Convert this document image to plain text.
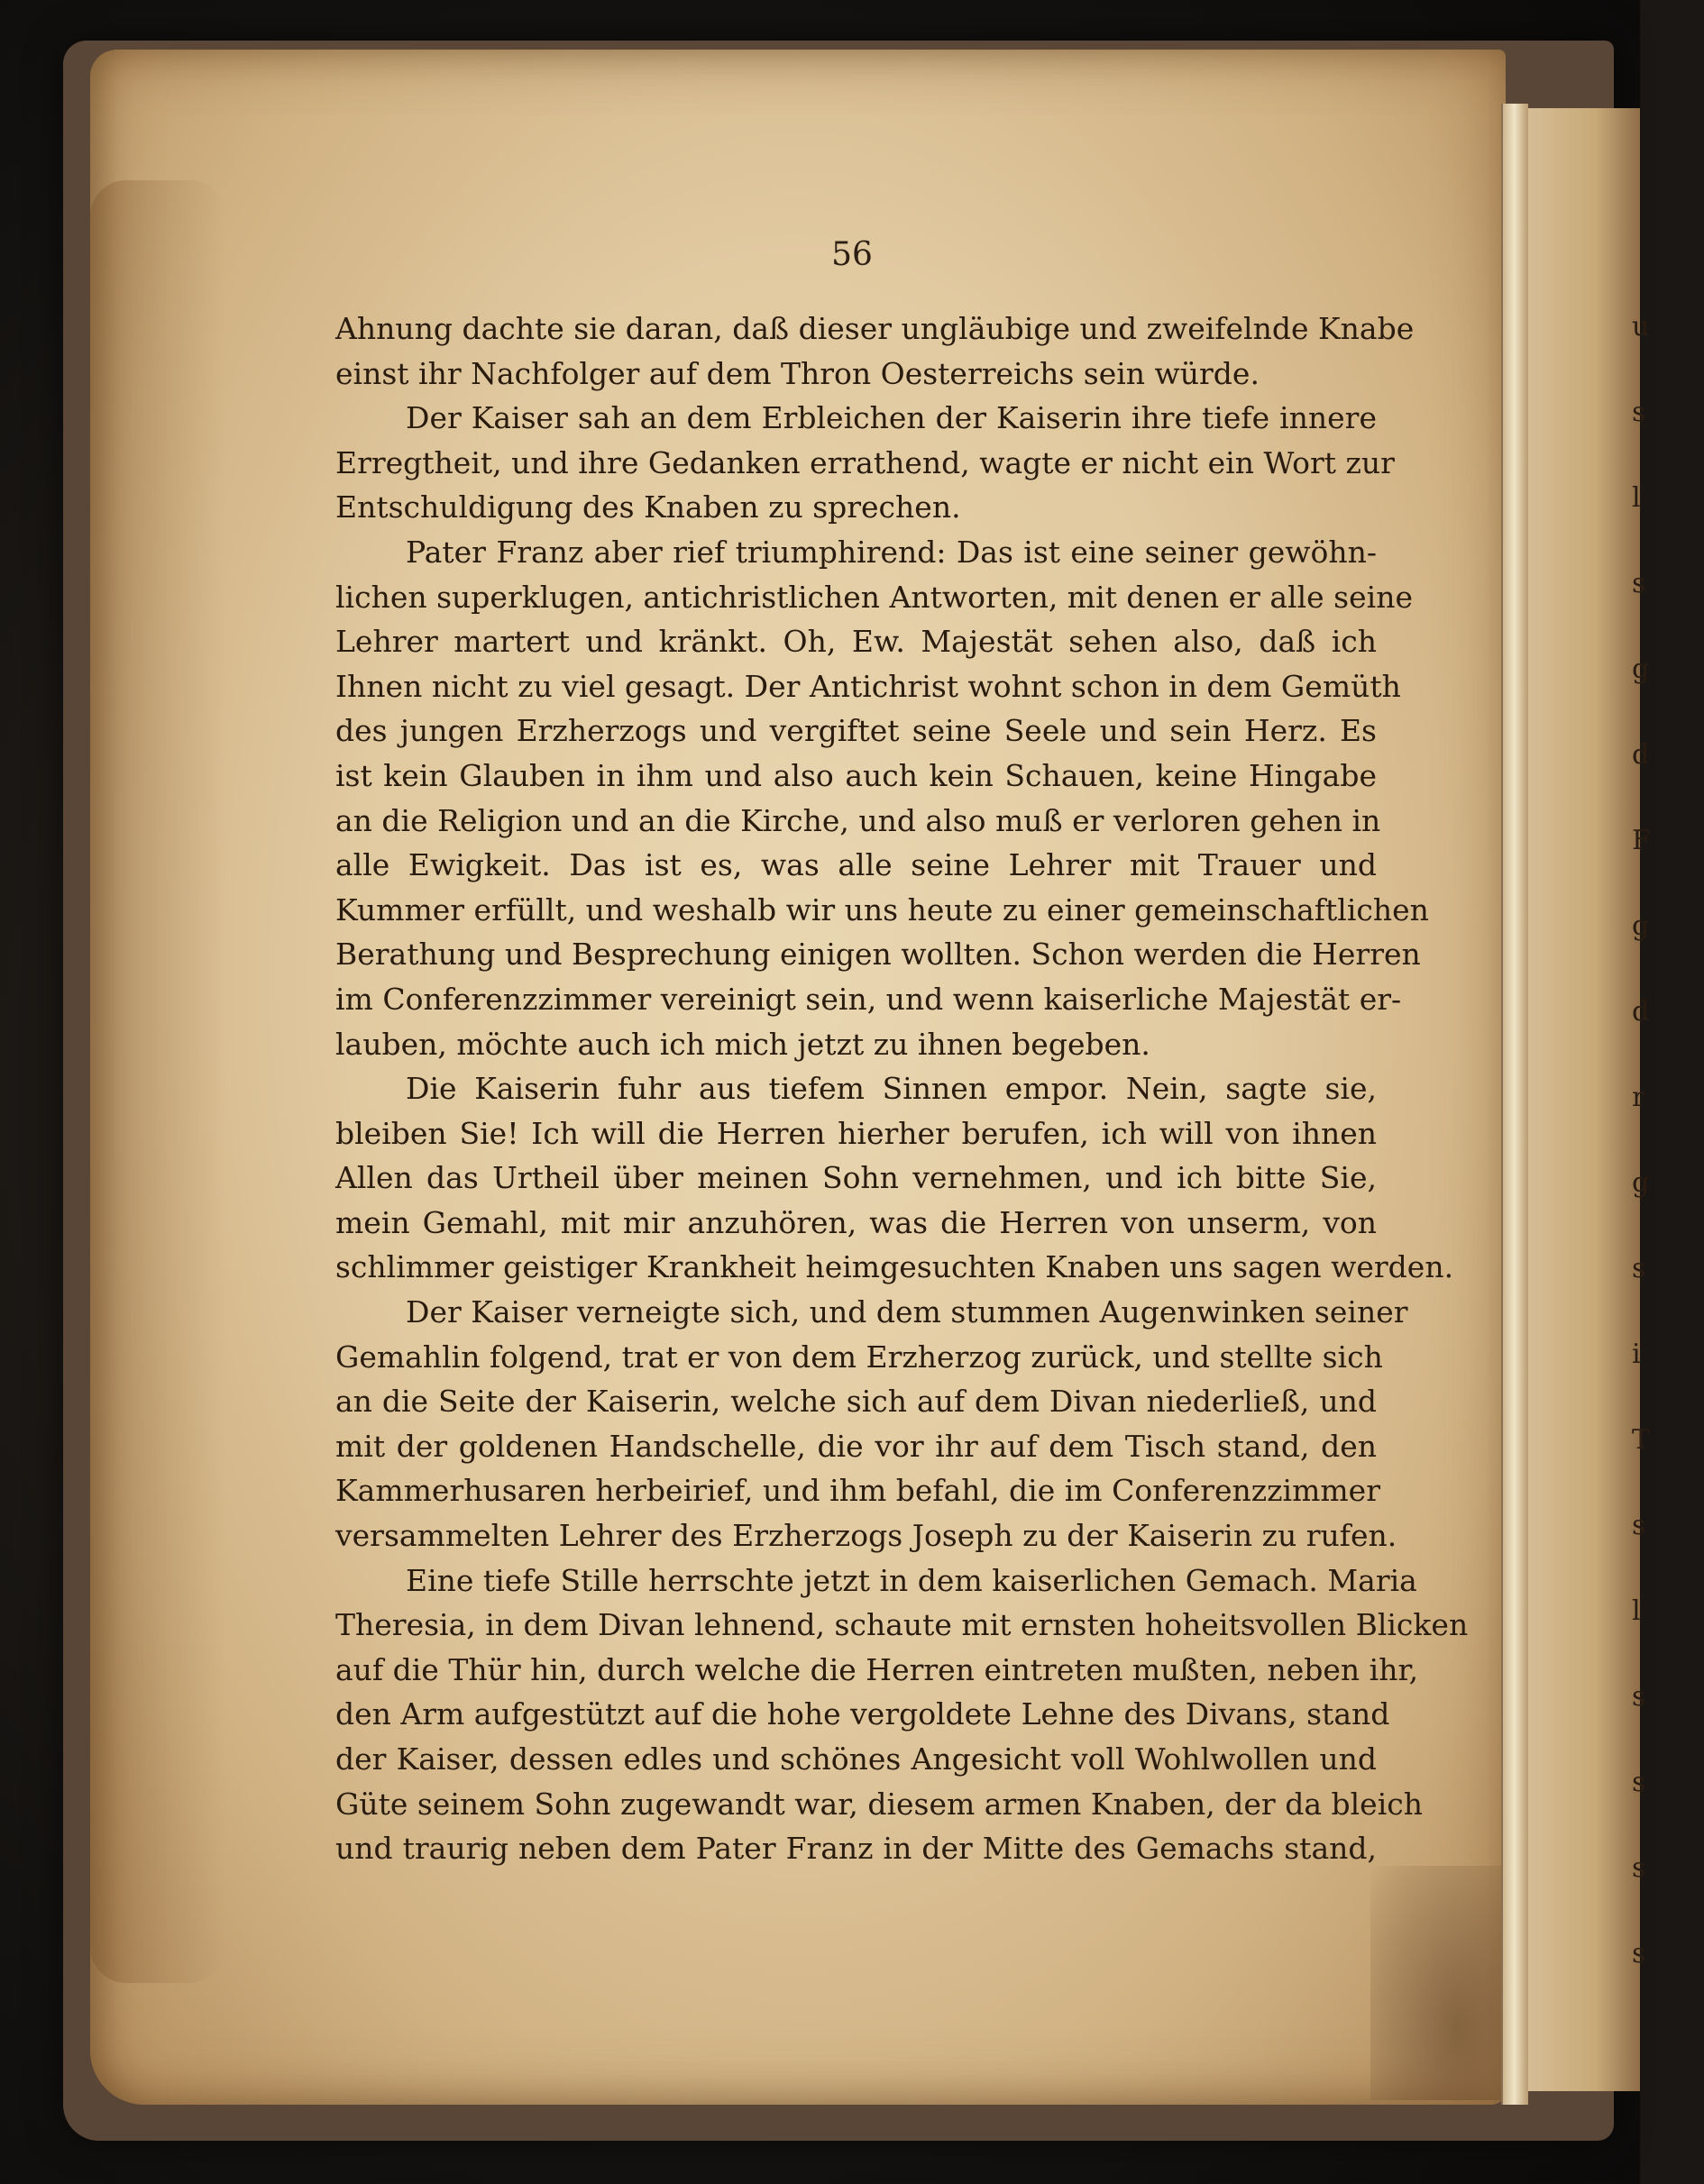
u
s
l
s
g
d
F
g
d
r
g
s
i
T
s
l
s
s
s
s
56
Ahnung dachte sie daran, daß dieser ungläubige und zweifelnde Knabe
einst ihr Nachfolger auf dem Thron Oesterreichs sein würde.
Der Kaiser sah an dem Erbleichen der Kaiserin ihre tiefe innere
Erregtheit, und ihre Gedanken errathend, wagte er nicht ein Wort zur
Entschuldigung des Knaben zu sprechen.
Pater Franz aber rief triumphirend: Das ist eine seiner gewöhn-
lichen superklugen, antichristlichen Antworten, mit denen er alle seine
Lehrer martert und kränkt. Oh, Ew. Majestät sehen also, daß ich
Ihnen nicht zu viel gesagt. Der Antichrist wohnt schon in dem Gemüth
des jungen Erzherzogs und vergiftet seine Seele und sein Herz. Es
ist kein Glauben in ihm und also auch kein Schauen, keine Hingabe
an die Religion und an die Kirche, und also muß er verloren gehen in
alle Ewigkeit. Das ist es, was alle seine Lehrer mit Trauer und
Kummer erfüllt, und weshalb wir uns heute zu einer gemeinschaftlichen
Berathung und Besprechung einigen wollten. Schon werden die Herren
im Conferenzzimmer vereinigt sein, und wenn kaiserliche Majestät er-
lauben, möchte auch ich mich jetzt zu ihnen begeben.
Die Kaiserin fuhr aus tiefem Sinnen empor. Nein, sagte sie,
bleiben Sie! Ich will die Herren hierher berufen, ich will von ihnen
Allen das Urtheil über meinen Sohn vernehmen, und ich bitte Sie,
mein Gemahl, mit mir anzuhören, was die Herren von unserm, von
schlimmer geistiger Krankheit heimgesuchten Knaben uns sagen werden.
Der Kaiser verneigte sich, und dem stummen Augenwinken seiner
Gemahlin folgend, trat er von dem Erzherzog zurück, und stellte sich
an die Seite der Kaiserin, welche sich auf dem Divan niederließ, und
mit der goldenen Handschelle, die vor ihr auf dem Tisch stand, den
Kammerhusaren herbeirief, und ihm befahl, die im Conferenzzimmer
versammelten Lehrer des Erzherzogs Joseph zu der Kaiserin zu rufen.
Eine tiefe Stille herrschte jetzt in dem kaiserlichen Gemach. Maria
Theresia, in dem Divan lehnend, schaute mit ernsten hoheitsvollen Blicken
auf die Thür hin, durch welche die Herren eintreten mußten, neben ihr,
den Arm aufgestützt auf die hohe vergoldete Lehne des Divans, stand
der Kaiser, dessen edles und schönes Angesicht voll Wohlwollen und
Güte seinem Sohn zugewandt war, diesem armen Knaben, der da bleich
und traurig neben dem Pater Franz in der Mitte des Gemachs stand,
